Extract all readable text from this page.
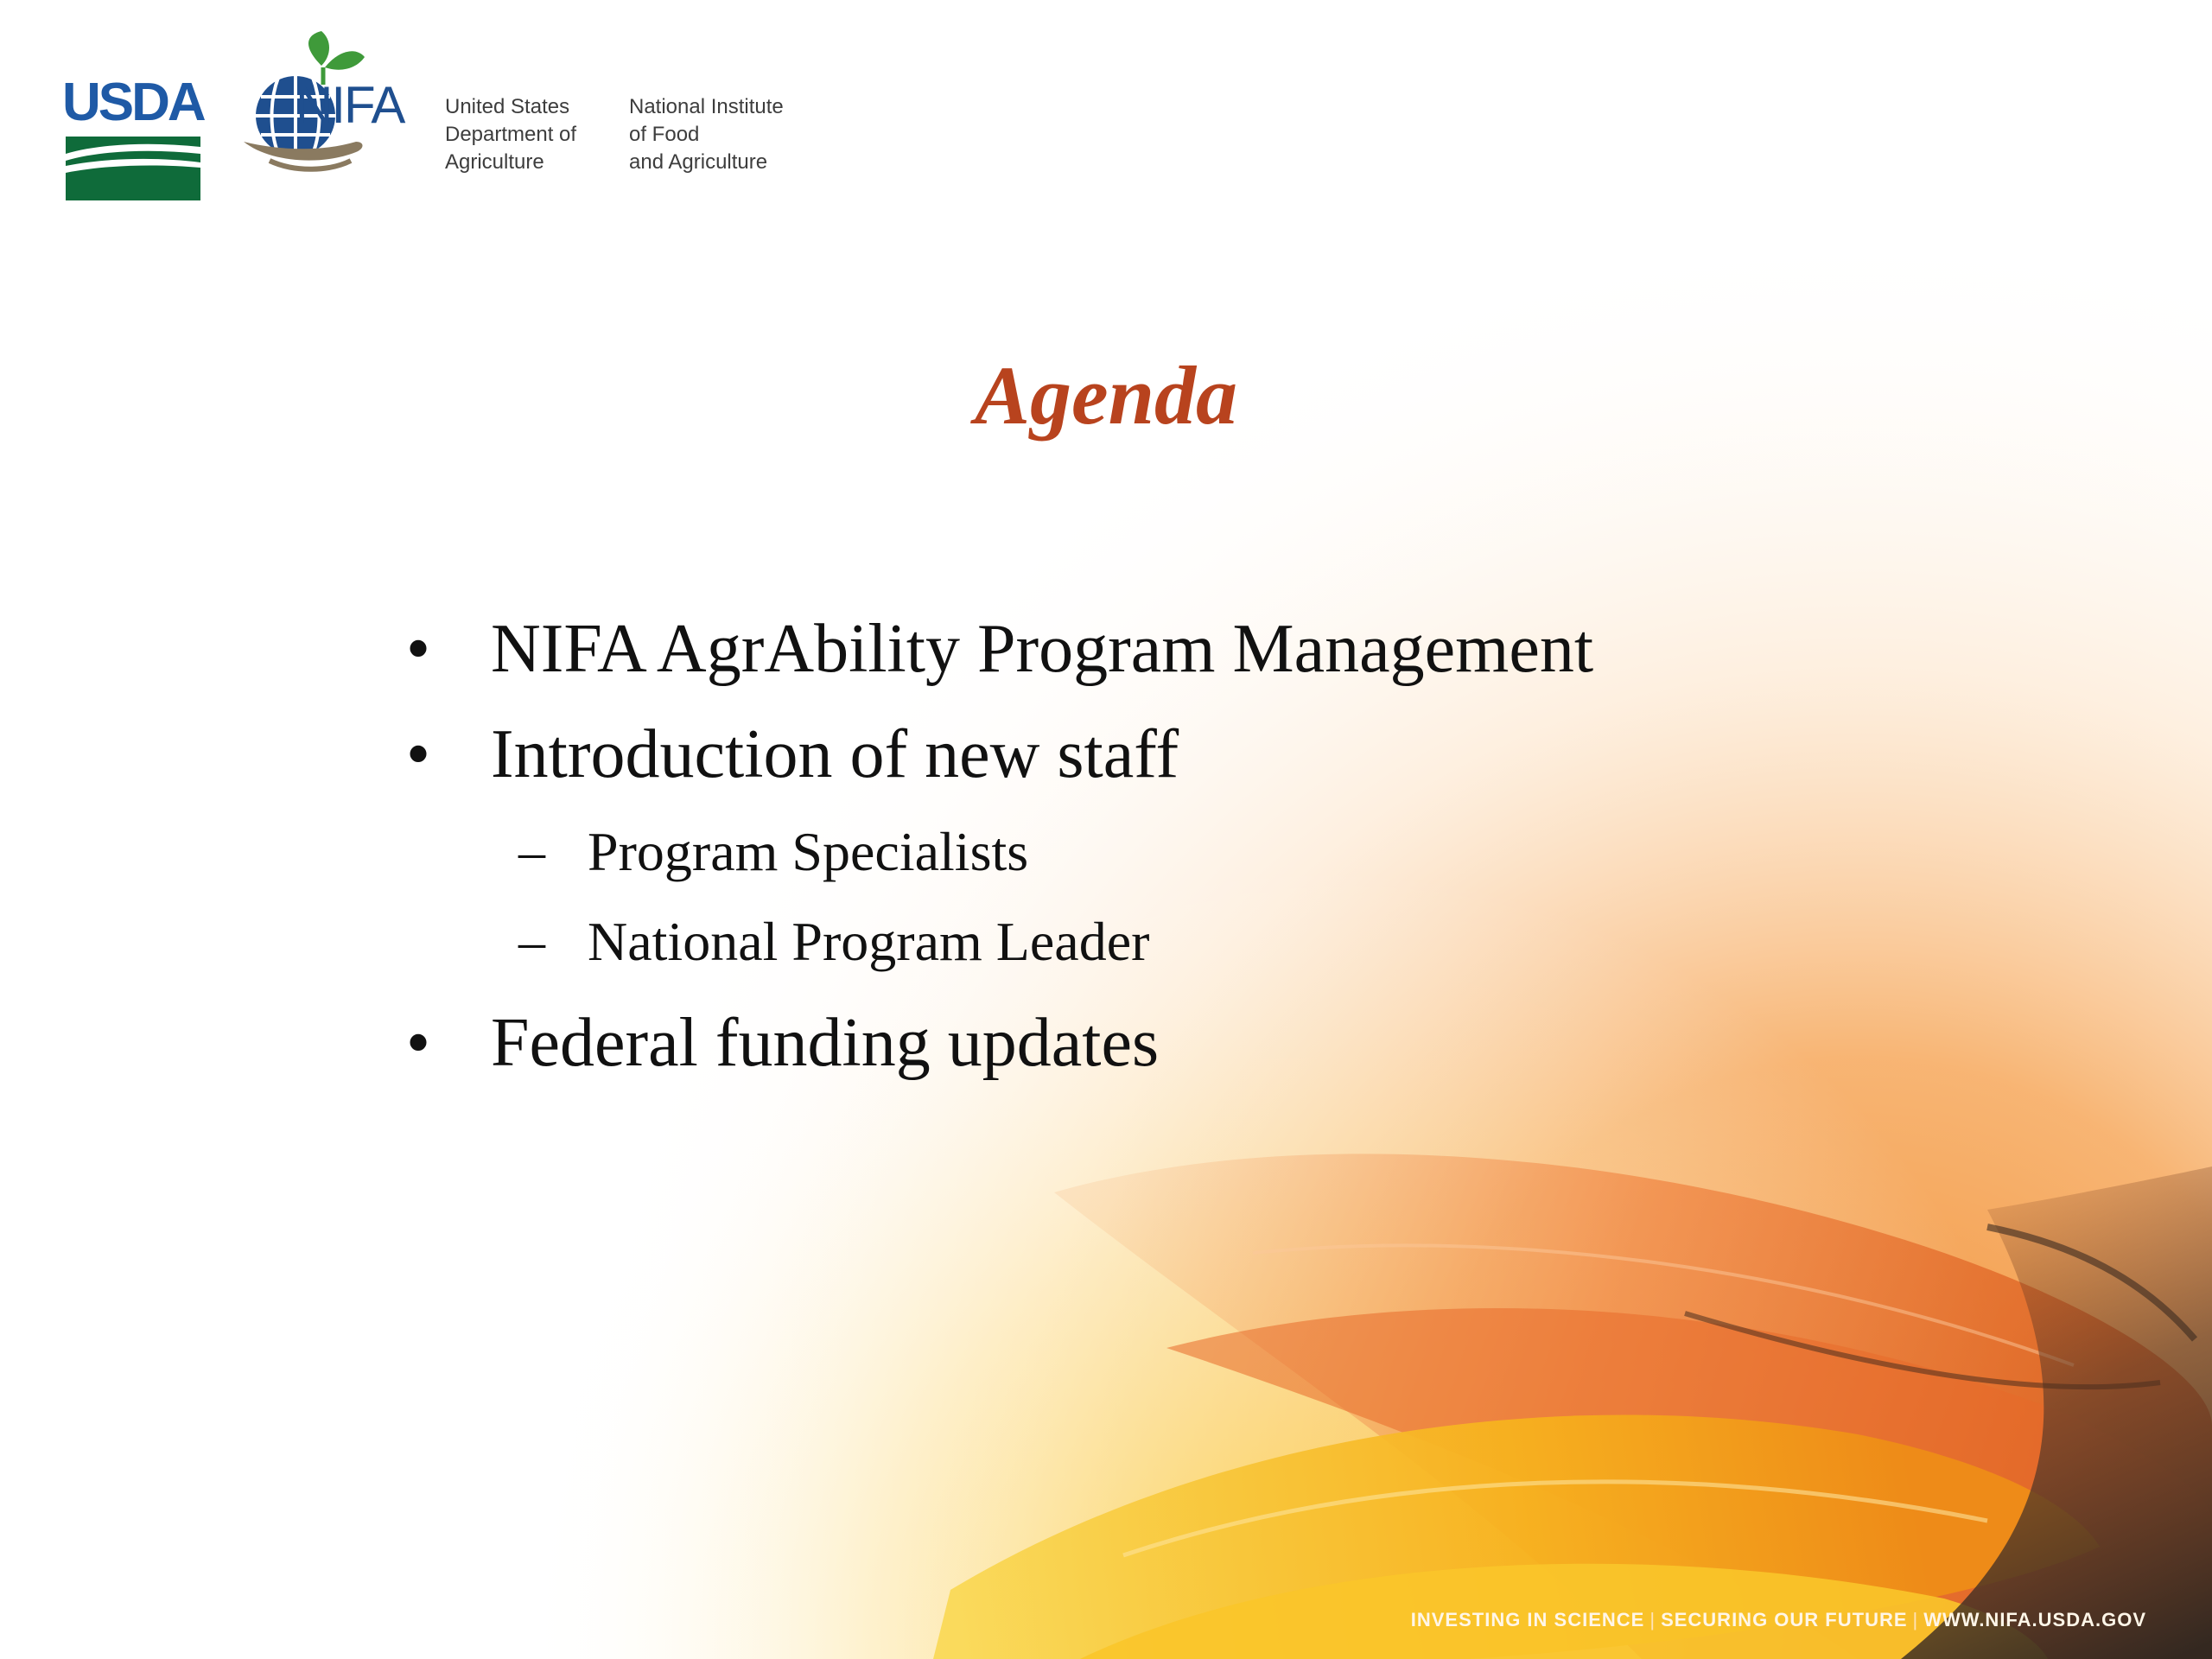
USDA NIFA United States
Department of
Agriculture
National Institute
of Food
and Agriculture
Agenda
• NIFA AgrAbility Program Management
• Introduction of new staff
– Program Specialists
– National Program Leader
• Federal funding updates
INVESTING IN SCIENCE | SECURING OUR FUTURE | WWW.NIFA.USDA.GOV
